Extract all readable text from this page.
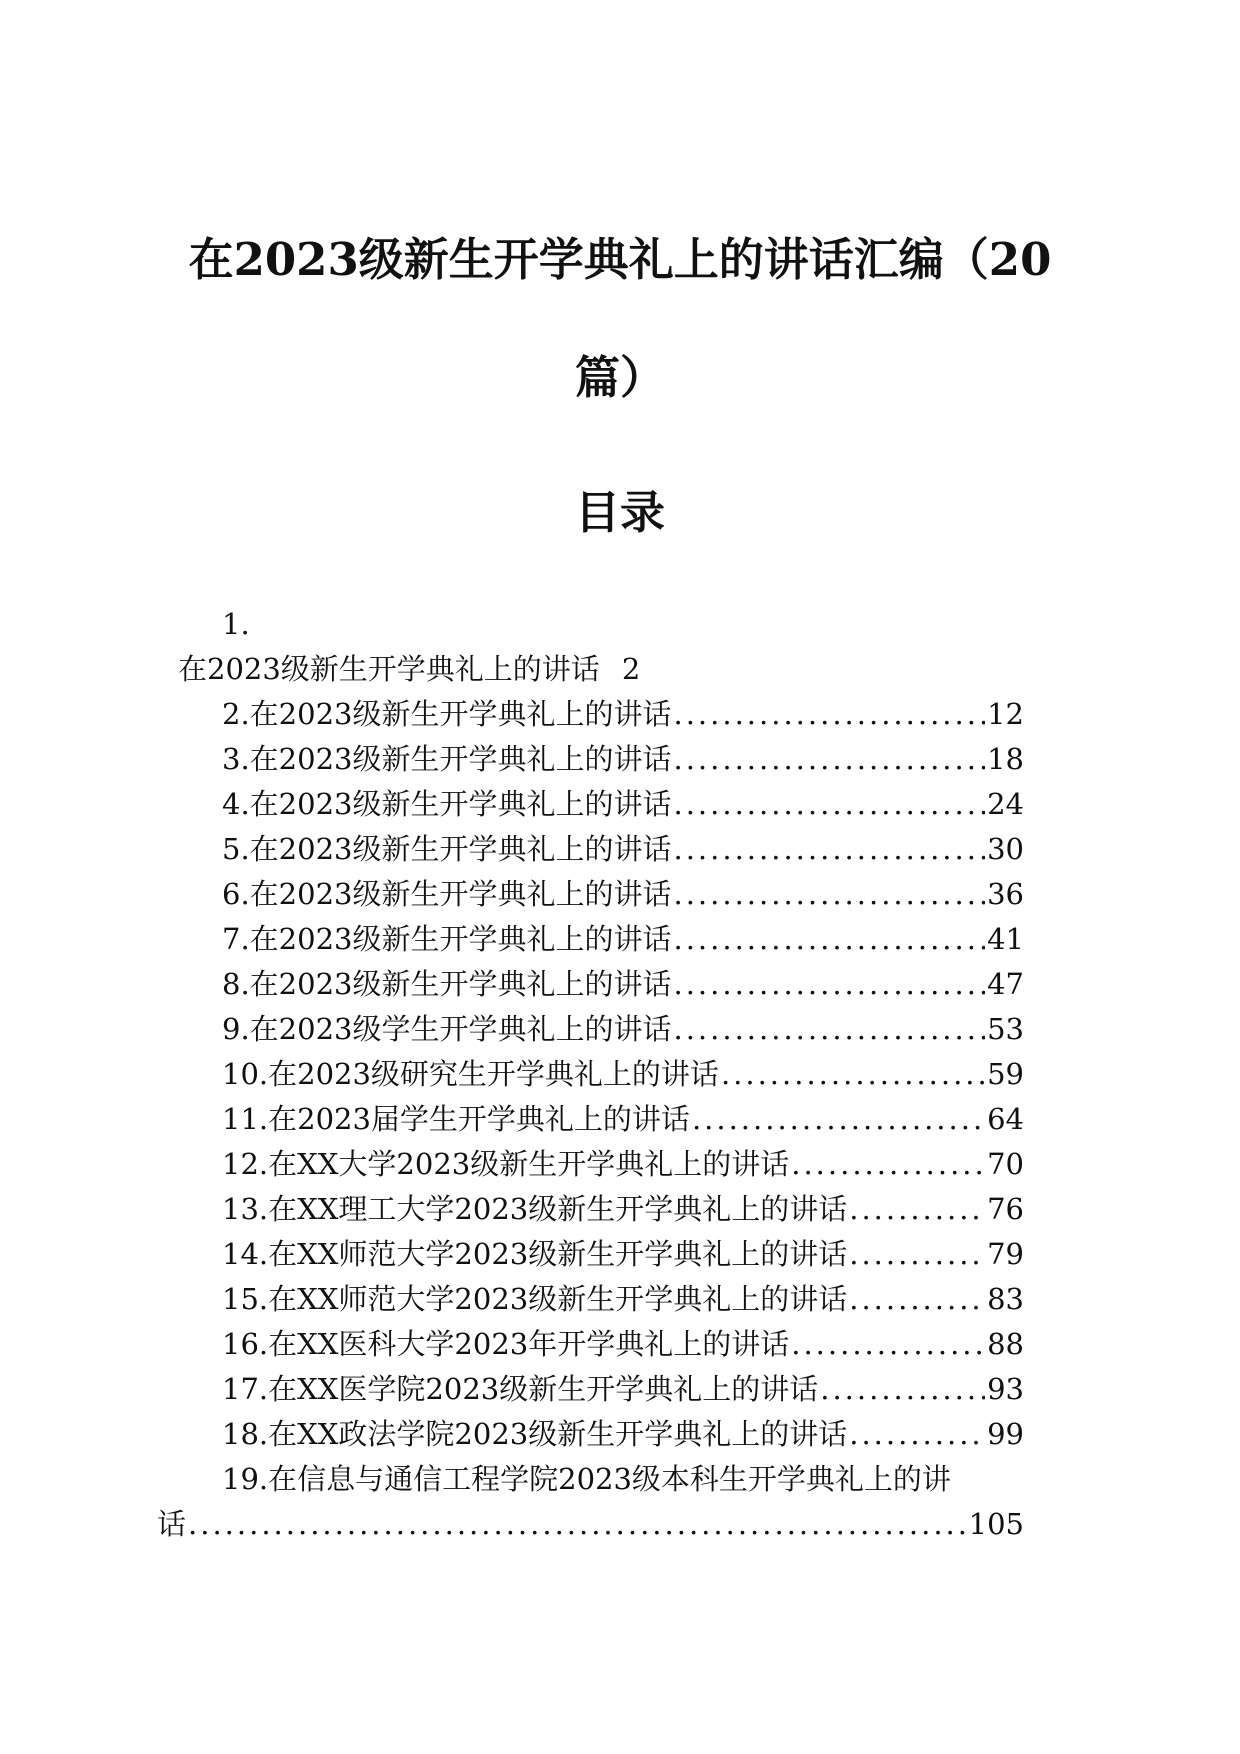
在2023级新生开学典礼上的讲话汇编（20
篇）
目录
1.
在2023级新生开学典礼上的讲话 2
2. 在2023级新生开学典礼上的讲话 .....	12
3. 在2023级新生开学典礼上的讲话 .....	18
4. 在2023级新生开学典礼上的讲话 .....	24
5. 在2023级新生开学典礼上的讲话 .....	30
6. 在2023级新生开学典礼上的讲话 .....	36
7. 在2023级新生开学典礼上的讲话 .....	41
8. 在2023级新生开学典礼上的讲话 .....	47
9. 在2023级学生开学典礼上的讲话 .....	53
10. 在2023级研究生开学典礼上的讲话 .....	59
11. 在2023届学生开学典礼上的讲话 .....	64
12. 在XX大学2023级新生开学典礼上的讲话 .....	70
13. 在XX理工大学2023级新生开学典礼上的讲话 .....	76
14. 在XX师范大学2023级新生开学典礼上的讲话 .....	79
15. 在XX师范大学2023级新生开学典礼上的讲话 .....	83
16. 在XX医科大学2023年开学典礼上的讲话 .....	88
17. 在XX医学院2023级新生开学典礼上的讲话 .....	93
18. 在XX政法学院2023级新生开学典礼上的讲话 .....	99
19.在信息与通信工程学院2023级本科生开学典礼上的讲
话 .....	105
